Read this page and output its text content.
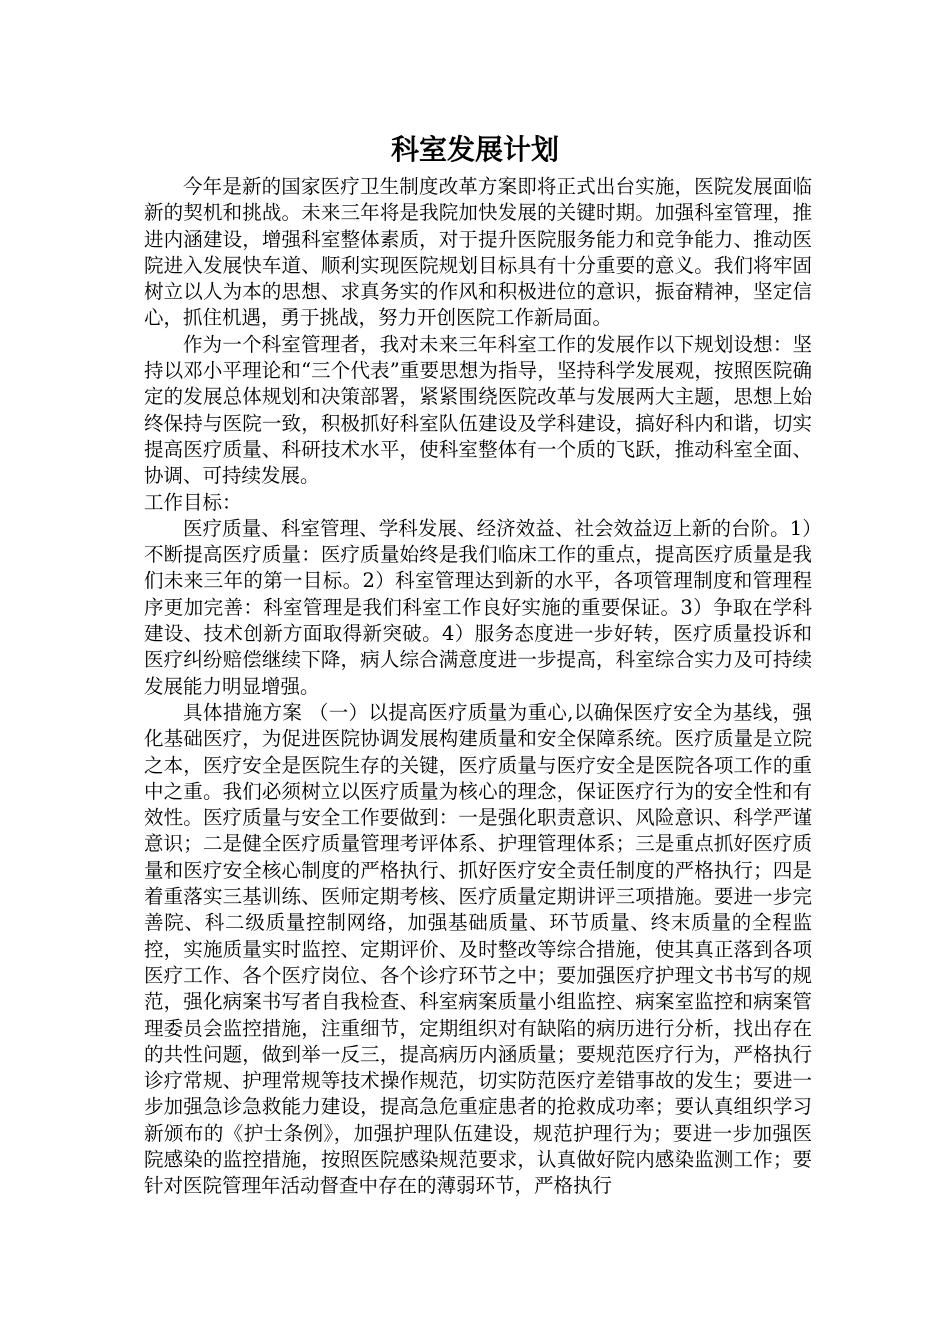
科室发展计划

今年是新的国家医疗卫生制度改革方案即将正式出台实施，医院发展面临新的契机和挑战。未来三年将是我院加快发展的关键时期。加强科室管理，推进内涵建设，增强科室整体素质，对于提升医院服务能力和竞争能力、推动医院进入发展快车道、顺利实现医院规划目标具有十分重要的意义。我们将牢固树立以人为本的思想、求真务实的作风和积极进位的意识，振奋精神，坚定信心，抓住机遇，勇于挑战，努力开创医院工作新局面。

作为一个科室管理者，我对未来三年科室工作的发展作以下规划设想：坚持以邓小平理论和“三个代表”重要思想为指导，坚持科学发展观，按照医院确定的发展总体规划和决策部署，紧紧围绕医院改革与发展两大主题，思想上始终保持与医院一致，积极抓好科室队伍建设及学科建设，搞好科内和谐，切实提高医疗质量、科研技术水平，使科室整体有一个质的飞跃，推动科室全面、协调、可持续发展。

工作目标：

医疗质量、科室管理、学科发展、经济效益、社会效益迈上新的台阶。1）不断提高医疗质量：医疗质量始终是我们临床工作的重点，提高医疗质量是我们未来三年的第一目标。2）科室管理达到新的水平，各项管理制度和管理程序更加完善：科室管理是我们科室工作良好实施的重要保证。3）争取在学科建设、技术创新方面取得新突破。4）服务态度进一步好转，医疗质量投诉和医疗纠纷赔偿继续下降，病人综合满意度进一步提高，科室综合实力及可持续发展能力明显增强。

具体措施方案 （一）以提高医疗质量为重心,以确保医疗安全为基线，强化基础医疗，为促进医院协调发展构建质量和安全保障系统。医疗质量是立院之本，医疗安全是医院生存的关键，医疗质量与医疗安全是医院各项工作的重中之重。我们必须树立以医疗质量为核心的理念，保证医疗行为的安全性和有效性。医疗质量与安全工作要做到：一是强化职责意识、风险意识、科学严谨意识；二是健全医疗质量管理考评体系、护理管理体系；三是重点抓好医疗质量和医疗安全核心制度的严格执行、抓好医疗安全责任制度的严格执行；四是着重落实三基训练、医师定期考核、医疗质量定期讲评三项措施。要进一步完善院、科二级质量控制网络，加强基础质量、环节质量、终末质量的全程监控，实施质量实时监控、定期评价、及时整改等综合措施，使其真正落到各项医疗工作、各个医疗岗位、各个诊疗环节之中；要加强医疗护理文书书写的规范，强化病案书写者自我检查、科室病案质量小组监控、病案室监控和病案管理委员会监控措施，注重细节，定期组织对有缺陷的病历进行分析，找出存在的共性问题，做到举一反三，提高病历内涵质量；要规范医疗行为，严格执行诊疗常规、护理常规等技术操作规范，切实防范医疗差错事故的发生；要进一步加强急诊急救能力建设，提高急危重症患者的抢救成功率；要认真组织学习新颁布的《护士条例》，加强护理队伍建设，规范护理行为；要进一步加强医院感染的监控措施，按照医院感染规范要求，认真做好院内感染监测工作；要针对医院管理年活动督查中存在的薄弱环节，严格执行
